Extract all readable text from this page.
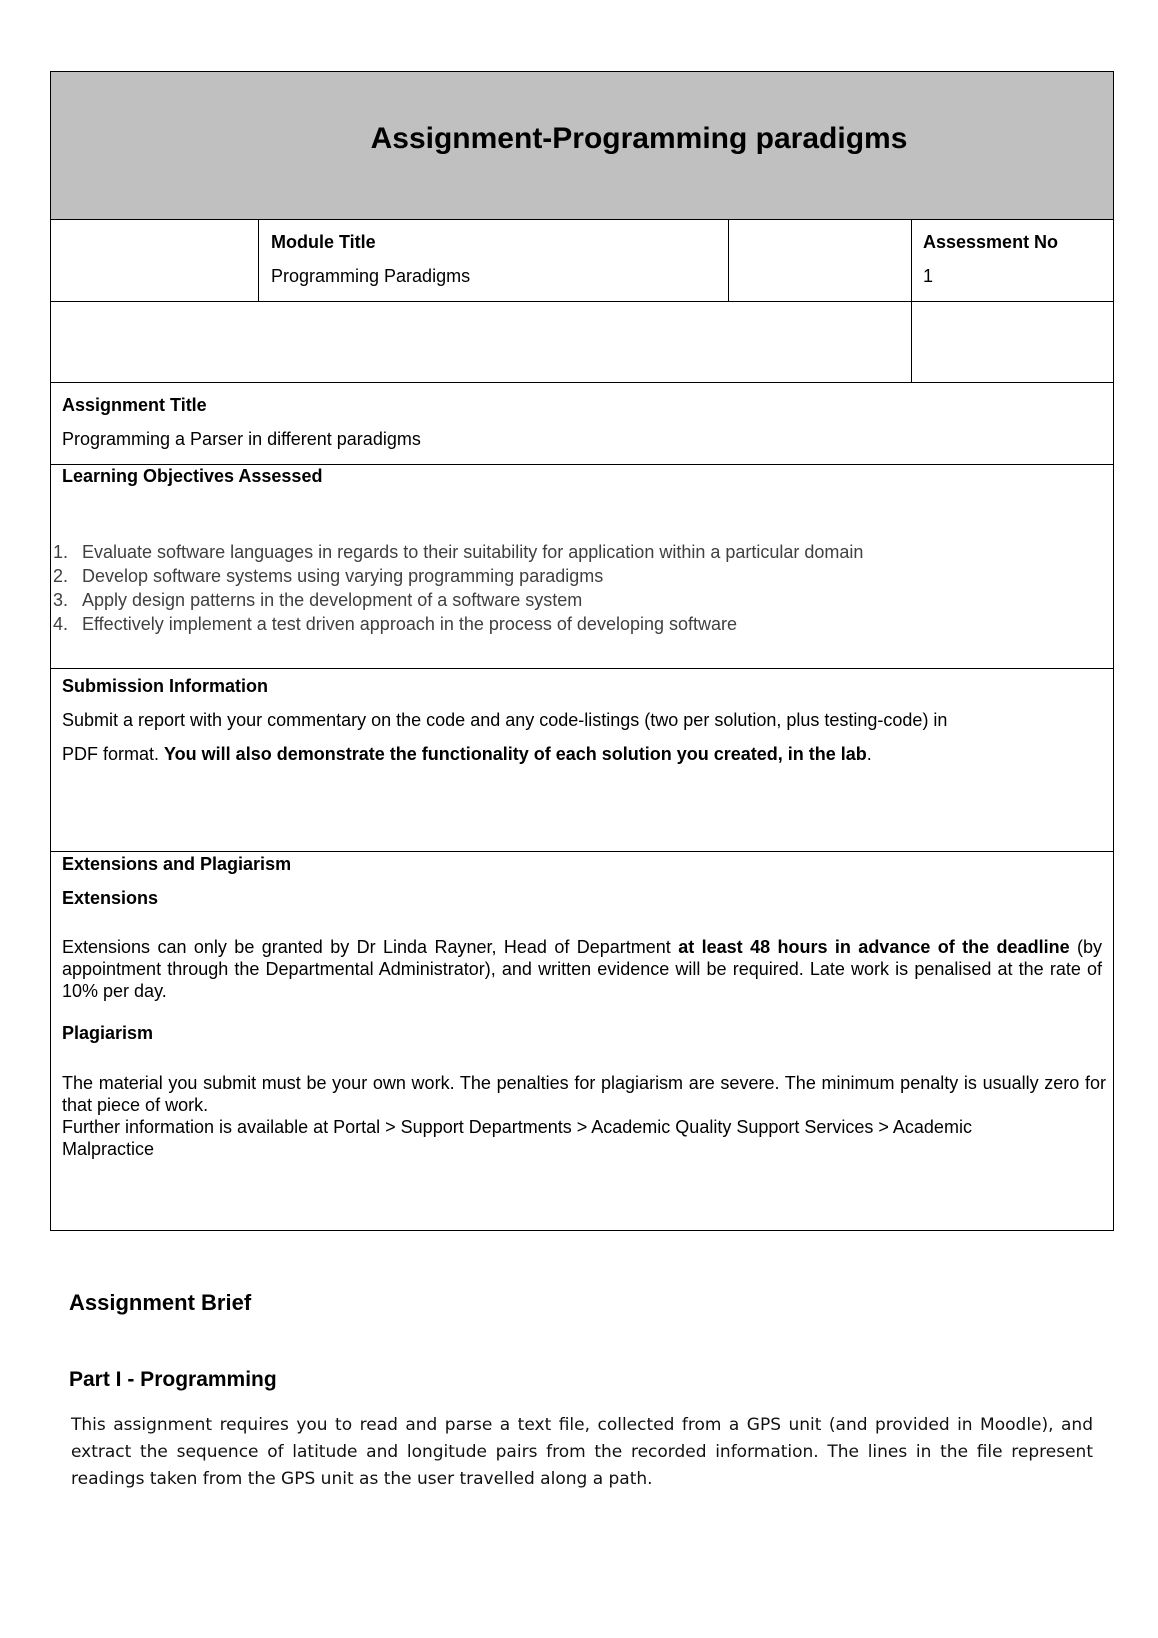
Assignment-Programming paradigms
Module Title
Programming Paradigms
Assessment No
1
Assignment Title
Programming a Parser in different paradigms
Learning Objectives Assessed
Submission Information
Submit a report with your commentary on the code and any code-listings (two per solution, plus testing-code) in
PDF format. You will also demonstrate the functionality of each solution you created, in the lab.
Extensions and Plagiarism
Extensions
Extensions can only be granted by Dr Linda Rayner, Head of Department at least 48 hours in advance of the deadline (by appointment through the Departmental Administrator), and written evidence will be required. Late work is penalised at the rate of 10% per day.
Plagiarism
The material you submit must be your own work. The penalties for plagiarism are severe. The minimum penalty is usually zero for that piece of work.
Further information is available at Portal > Support Departments > Academic Quality Support Services > Academic Malpractice
1. Evaluate software languages in regards to their suitability for application within a particular domain
2. Develop software systems using varying programming paradigms
3. Apply design patterns in the development of a software system
4. Effectively implement a test driven approach in the process of developing software
Assignment Brief
Part I - Programming
This assignment requires you to read and parse a text file, collected from a GPS unit (and provided in Moodle), and extract the sequence of latitude and longitude pairs from the recorded information. The lines in the file represent readings taken from the GPS unit as the user travelled along a path.
